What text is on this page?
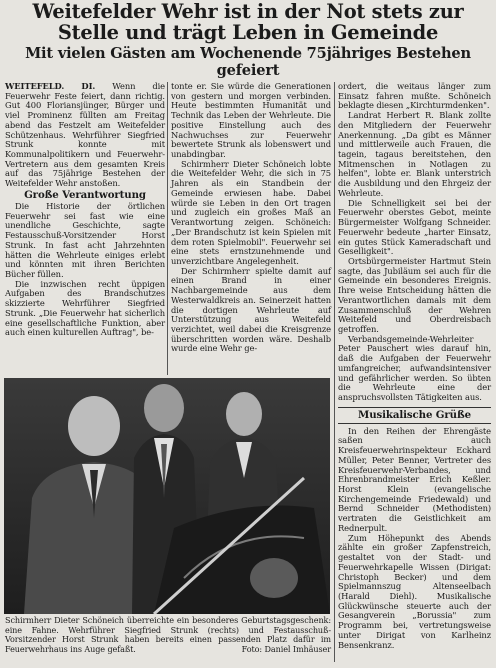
Weitefelder Wehr ist in der Not stets zur Stelle und trägt Leben in Gemeinde
Mit vielen Gästen am Wochenende 75jähriges Bestehen gefeiert

WEITEFELD. DI. Wenn die Feuerwehr Feste feiert, dann richtig. Gut 400 Floriansjünger, Bürger und viel Prominenz füllten am Freitag abend das Festzelt am Weitefelder Schützenhaus. Wehrführer Siegfried Strunk konnte mit Kommunalpolitikern und Feuerwehr-Vertretern aus dem gesamten Kreis auf das 75jährige Bestehen der Weitefelder Wehr anstoßen.

Große Verantwortung

Die Historie der örtlichen Feuerwehr sei fast wie eine unendliche Geschichte, sagte Festausschuß-Vorsitzender Horst Strunk. In fast acht Jahrzehnten hätten die Wehrleute einiges erlebt und könnten mit ihren Berichten Bücher füllen.

Die inzwischen recht üppigen Aufgaben des Brandschutzes skizzierte Wehrführer Siegfried Strunk. „Die Feuerwehr hat sicherlich eine gesellschaftliche Funktion, aber auch einen kulturellen Auftrag", be-

tonte er. Sie würde die Generationen von gestern und morgen verbinden. Heute bestimmten Humanität und Technik das Leben der Wehrleute. Die positive Einstellung auch des Nachwuchses zur Feuerwehr bewertete Strunk als lobenswert und unabdingbar.

Schirmherr Dieter Schöneich lobte die Weitefelder Wehr, die sich in 75 Jahren als ein Standbein der Gemeinde erwiesen habe. Dabei würde sie Leben in den Ort tragen und zugleich ein großes Maß an Verantwortung zeigen. Schöneich: „Der Brandschutz ist kein Spielen mit dem roten Spielmobil". Feuerwehr sei eine stets ernstzunehmende und unverzichtbare Angelegenheit.

Der Schirmherr spielte damit auf einen Brand in einer Nachbargemeinde aus dem Westerwaldkreis an. Seinerzeit hatten die dortigen Wehrleute auf Unterstützung aus Weitefeld verzichtet, weil dabei die Kreisgrenze überschritten worden wäre. Deshalb wurde eine Wehr ge-

ordert, die weitaus länger zum Einsatz fahren mußte. Schöneich beklagte diesen „Kirchturmdenken".

Landrat Herbert R. Blank zollte den Mitgliedern der Feuerwehr Anerkennung. „Da gibt es Männer und mittlerweile auch Frauen, die tagein, tagaus bereitstehen, den Mitmenschen in Notlagen zu helfen", lobte er. Blank unterstrich die Ausbildung und den Ehrgeiz der Wehrleute.

Die Schnelligkeit sei bei der Feuerwehr oberstes Gebot, meinte Bürgermeister Wolfgang Schneider. Feuerwehr bedeute „harter Einsatz, ein gutes Stück Kameradschaft und Geselligkeit".

Ortsbürgermeister Hartmut Stein sagte, das Jubiläum sei auch für die Gemeinde ein besonderes Ereignis. Ihre weise Entscheidung hätten die Verantwortlichen damals mit dem Zusammenschluß der Wehren Weitefeld und Oberdreisbach getroffen.

Verbandsgemeinde-Wehrleiter Peter Pauschert wies darauf hin, daß die Aufgaben der Feuerwehr umfangreicher, aufwandsintensiver und gefährlicher werden. So übten die Wehrleute eine der anspruchsvollsten Tätigkeiten aus.

Musikalische Grüße

In den Reihen der Ehrengäste saßen auch Kreisfeuerwehrinspekteur Eckhard Müller, Peter Benner, Vertreter des Kreisfeuerwehr-Verbandes, und Ehrenbrandmeister Erich Keßler. Horst Klein (evangelische Kirchengemeinde Friedewald) und Bernd Schneider (Methodisten) vertraten die Geistlichkeit am Rednerpult.

Zum Höhepunkt des Abends zählte ein großer Zapfenstreich, gestaltet von der Stadt- und Feuerwehrkapelle Wissen (Dirigat: Christoph Becker) und dem Spielmannszug Altenseelbach (Harald Diehl). Musikalische Glückwünsche steuerte auch der Gesangverein „Borussia" zum Programm bei, vertretungsweise unter Dirigat von Karlheinz Bensenkranz.

Schirmherr Dieter Schöneich überreichte ein besonderes Geburtstagsgeschenk: eine Fahne. Wehrführer Siegfried Strunk (rechts) und Festausschuß-Vorsitzender Horst Strunk haben bereits einen passenden Platz dafür im Feuerwehrhaus ins Auge gefaßt.	Foto: Daniel Imhäuser
